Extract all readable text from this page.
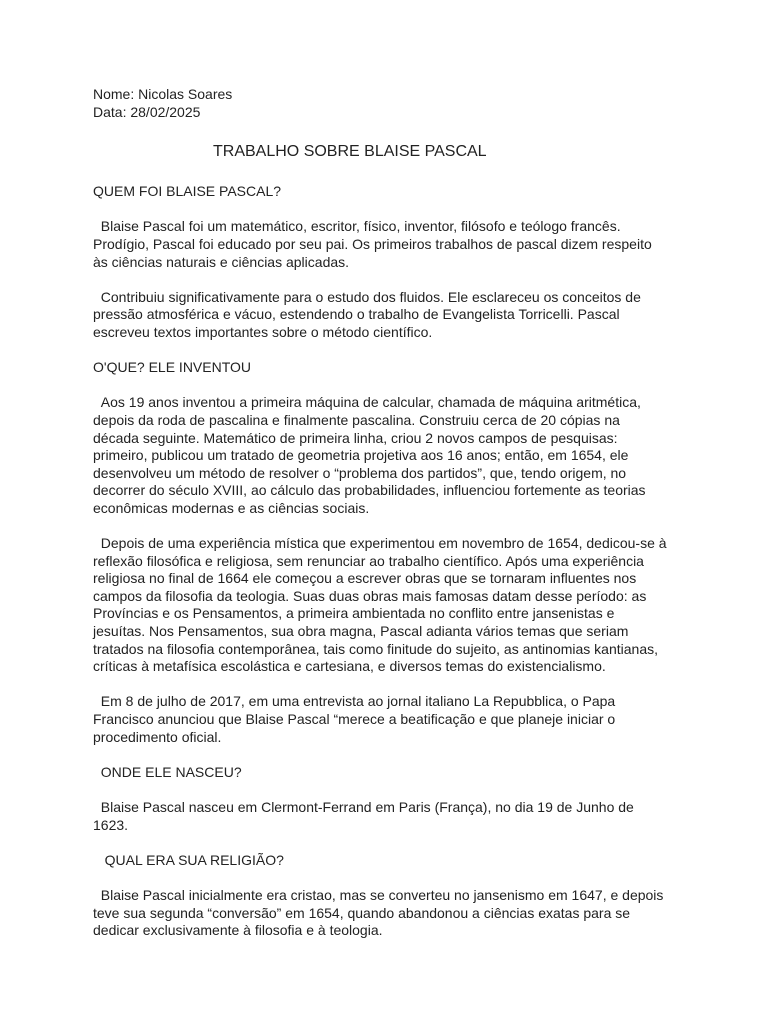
Nome: Nicolas Soares
Data: 28/02/2025
TRABALHO SOBRE BLAISE PASCAL
QUEM FOI BLAISE PASCAL?
Blaise Pascal foi um matemático, escritor, físico, inventor, filósofo e teólogo francês.
Prodígio, Pascal foi educado por seu pai. Os primeiros trabalhos de pascal dizem respeito
às ciências naturais e ciências aplicadas.
Contribuiu significativamente para o estudo dos fluidos. Ele esclareceu os conceitos de
pressão atmosférica e vácuo, estendendo o trabalho de Evangelista Torricelli. Pascal
escreveu textos importantes sobre o método científico.
O'QUE? ELE INVENTOU
Aos 19 anos inventou a primeira máquina de calcular, chamada de máquina aritmética,
depois da roda de pascalina e finalmente pascalina. Construiu cerca de 20 cópias na
década seguinte. Matemático de primeira linha, criou 2 novos campos de pesquisas:
primeiro, publicou um tratado de geometria projetiva aos 16 anos; então, em 1654, ele
desenvolveu um método de resolver o “problema dos partidos”, que, tendo origem, no
decorrer do século XVIII, ao cálculo das probabilidades, influenciou fortemente as teorias
econômicas modernas e as ciências sociais.
Depois de uma experiência mística que experimentou em novembro de 1654, dedicou-se à
reflexão filosófica e religiosa, sem renunciar ao trabalho científico. Após uma experiência
religiosa no final de 1664 ele começou a escrever obras que se tornaram influentes nos
campos da filosofia da teologia. Suas duas obras mais famosas datam desse período: as
Províncias e os Pensamentos, a primeira ambientada no conflito entre jansenistas e
jesuítas. Nos Pensamentos, sua obra magna, Pascal adianta vários temas que seriam
tratados na filosofia contemporânea, tais como finitude do sujeito, as antinomias kantianas,
críticas à metafísica escolástica e cartesiana, e diversos temas do existencialismo.
Em 8 de julho de 2017, em uma entrevista ao jornal italiano La Repubblica, o Papa
Francisco anunciou que Blaise Pascal “merece a beatificação e que planeje iniciar o
procedimento oficial.
ONDE ELE NASCEU?
Blaise Pascal nasceu em Clermont-Ferrand em Paris (França), no dia 19 de Junho de
1623.
QUAL ERA SUA RELIGIÃO?
Blaise Pascal inicialmente era cristao, mas se converteu no jansenismo em 1647, e depois
teve sua segunda “conversão” em 1654, quando abandonou a ciências exatas para se
dedicar exclusivamente à filosofia e à teologia.
